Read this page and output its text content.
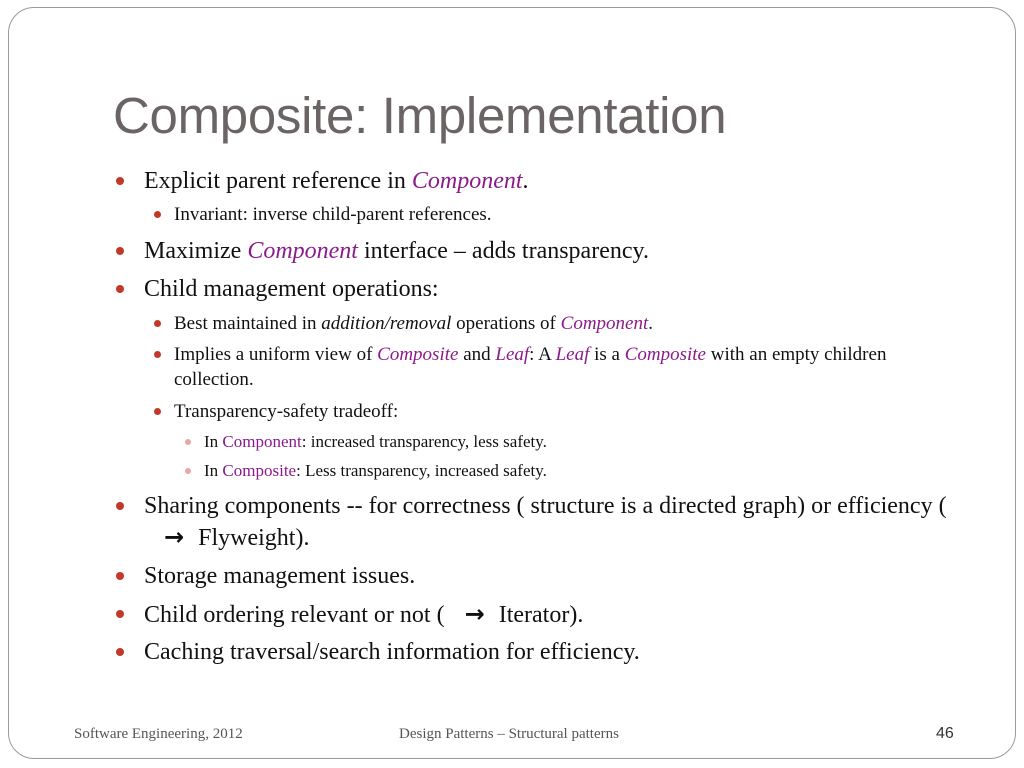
Composite: Implementation
Explicit parent reference in Component.
Invariant: inverse child-parent references.
Maximize Component interface – adds transparency.
Child management operations:
Best maintained in addition/removal operations of Component.
Implies a uniform view of Composite and Leaf: A Leaf is a Composite with an empty children collection.
Transparency-safety tradeoff:
In Component: increased transparency, less safety.
In Composite: Less transparency, increased safety.
Sharing components -- for correctness ( structure is a directed graph) or efficiency (→ Flyweight).
Storage management issues.
Child ordering relevant or not ( → Iterator).
Caching traversal/search information for efficiency.
Software Engineering, 2012	Design Patterns – Structural patterns	46
